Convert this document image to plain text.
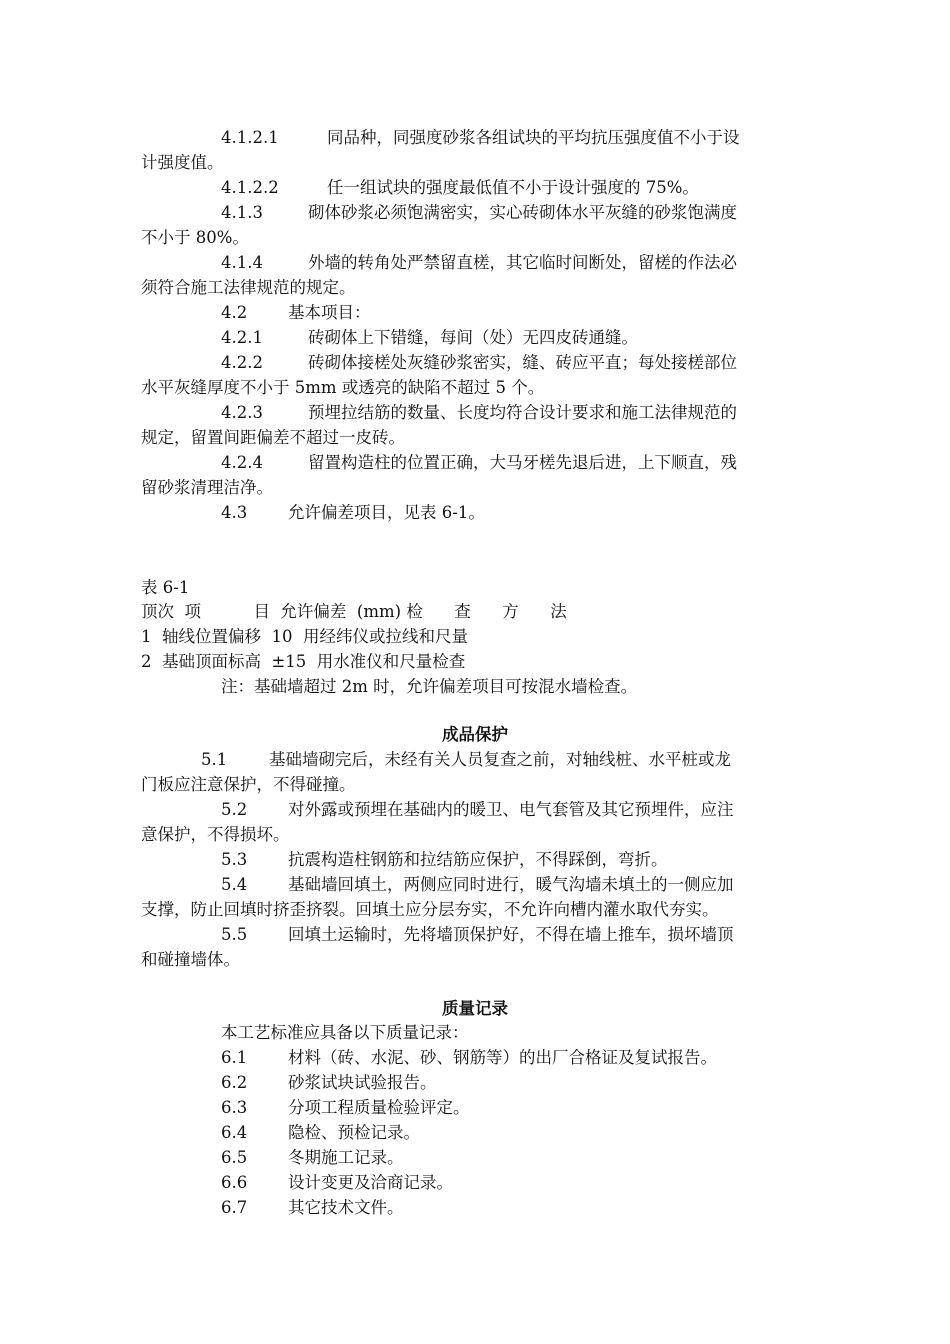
4.1.2.1	同品种，同强度砂浆各组试块的平均抗压强度值不小于设

计强度值。

4.1.2.2	任一组试块的强度最低值不小于设计强度的 75%。

4.1.3	砌体砂浆必须饱满密实，实心砖砌体水平灰缝的砂浆饱满度

不小于 80%。

4.1.4	外墙的转角处严禁留直槎，其它临时间断处，留槎的作法必

须符合施工法律规范的规定。

4.2 基本项目：

4.2.1	砖砌体上下错缝，每间（处）无四皮砖通缝。

4.2.2	砖砌体接槎处灰缝砂浆密实，缝、砖应平直；每处接槎部位

水平灰缝厚度不小于 5mm 或透亮的缺陷不超过 5 个。

4.2.3	预埋拉结筋的数量、长度均符合设计要求和施工法律规范的

规定，留置间距偏差不超过一皮砖。

4.2.4	留置构造柱的位置正确，大马牙槎先退后进，上下顺直，残

留砂浆清理洁净。

4.3 允许偏差项目，见表 6-1。

表 6-1

顶次  项          目  允许偏差  (mm) 检      查      方      法

1  轴线位置偏移  10  用经纬仪或拉线和尺量

2  基础顶面标高  ±15  用水准仪和尺量检查

注：基础墙超过 2m 时，允许偏差项目可按混水墙检查。

成品保护

5.1	基础墙砌完后，未经有关人员复查之前，对轴线桩、水平桩或龙

门板应注意保护，不得碰撞。

5.2 对外露或预埋在基础内的暖卫、电气套管及其它预埋件，应注

意保护，不得损坏。

5.3 抗震构造柱钢筋和拉结筋应保护，不得踩倒，弯折。

5.4 基础墙回填土，两侧应同时进行，暖气沟墙未填土的一侧应加

支撑，防止回填时挤歪挤裂。回填土应分层夯实，不允许向槽内灌水取代夯实。

5.5 回填土运输时，先将墙顶保护好，不得在墙上推车，损坏墙顶

和碰撞墙体。

质量记录

本工艺标准应具备以下质量记录：

6.1 材料（砖、水泥、砂、钢筋等）的出厂合格证及复试报告。

6.2 砂浆试块试验报告。

6.3 分项工程质量检验评定。

6.4 隐检、预检记录。

6.5 冬期施工记录。

6.6 设计变更及洽商记录。

6.7 其它技术文件。
